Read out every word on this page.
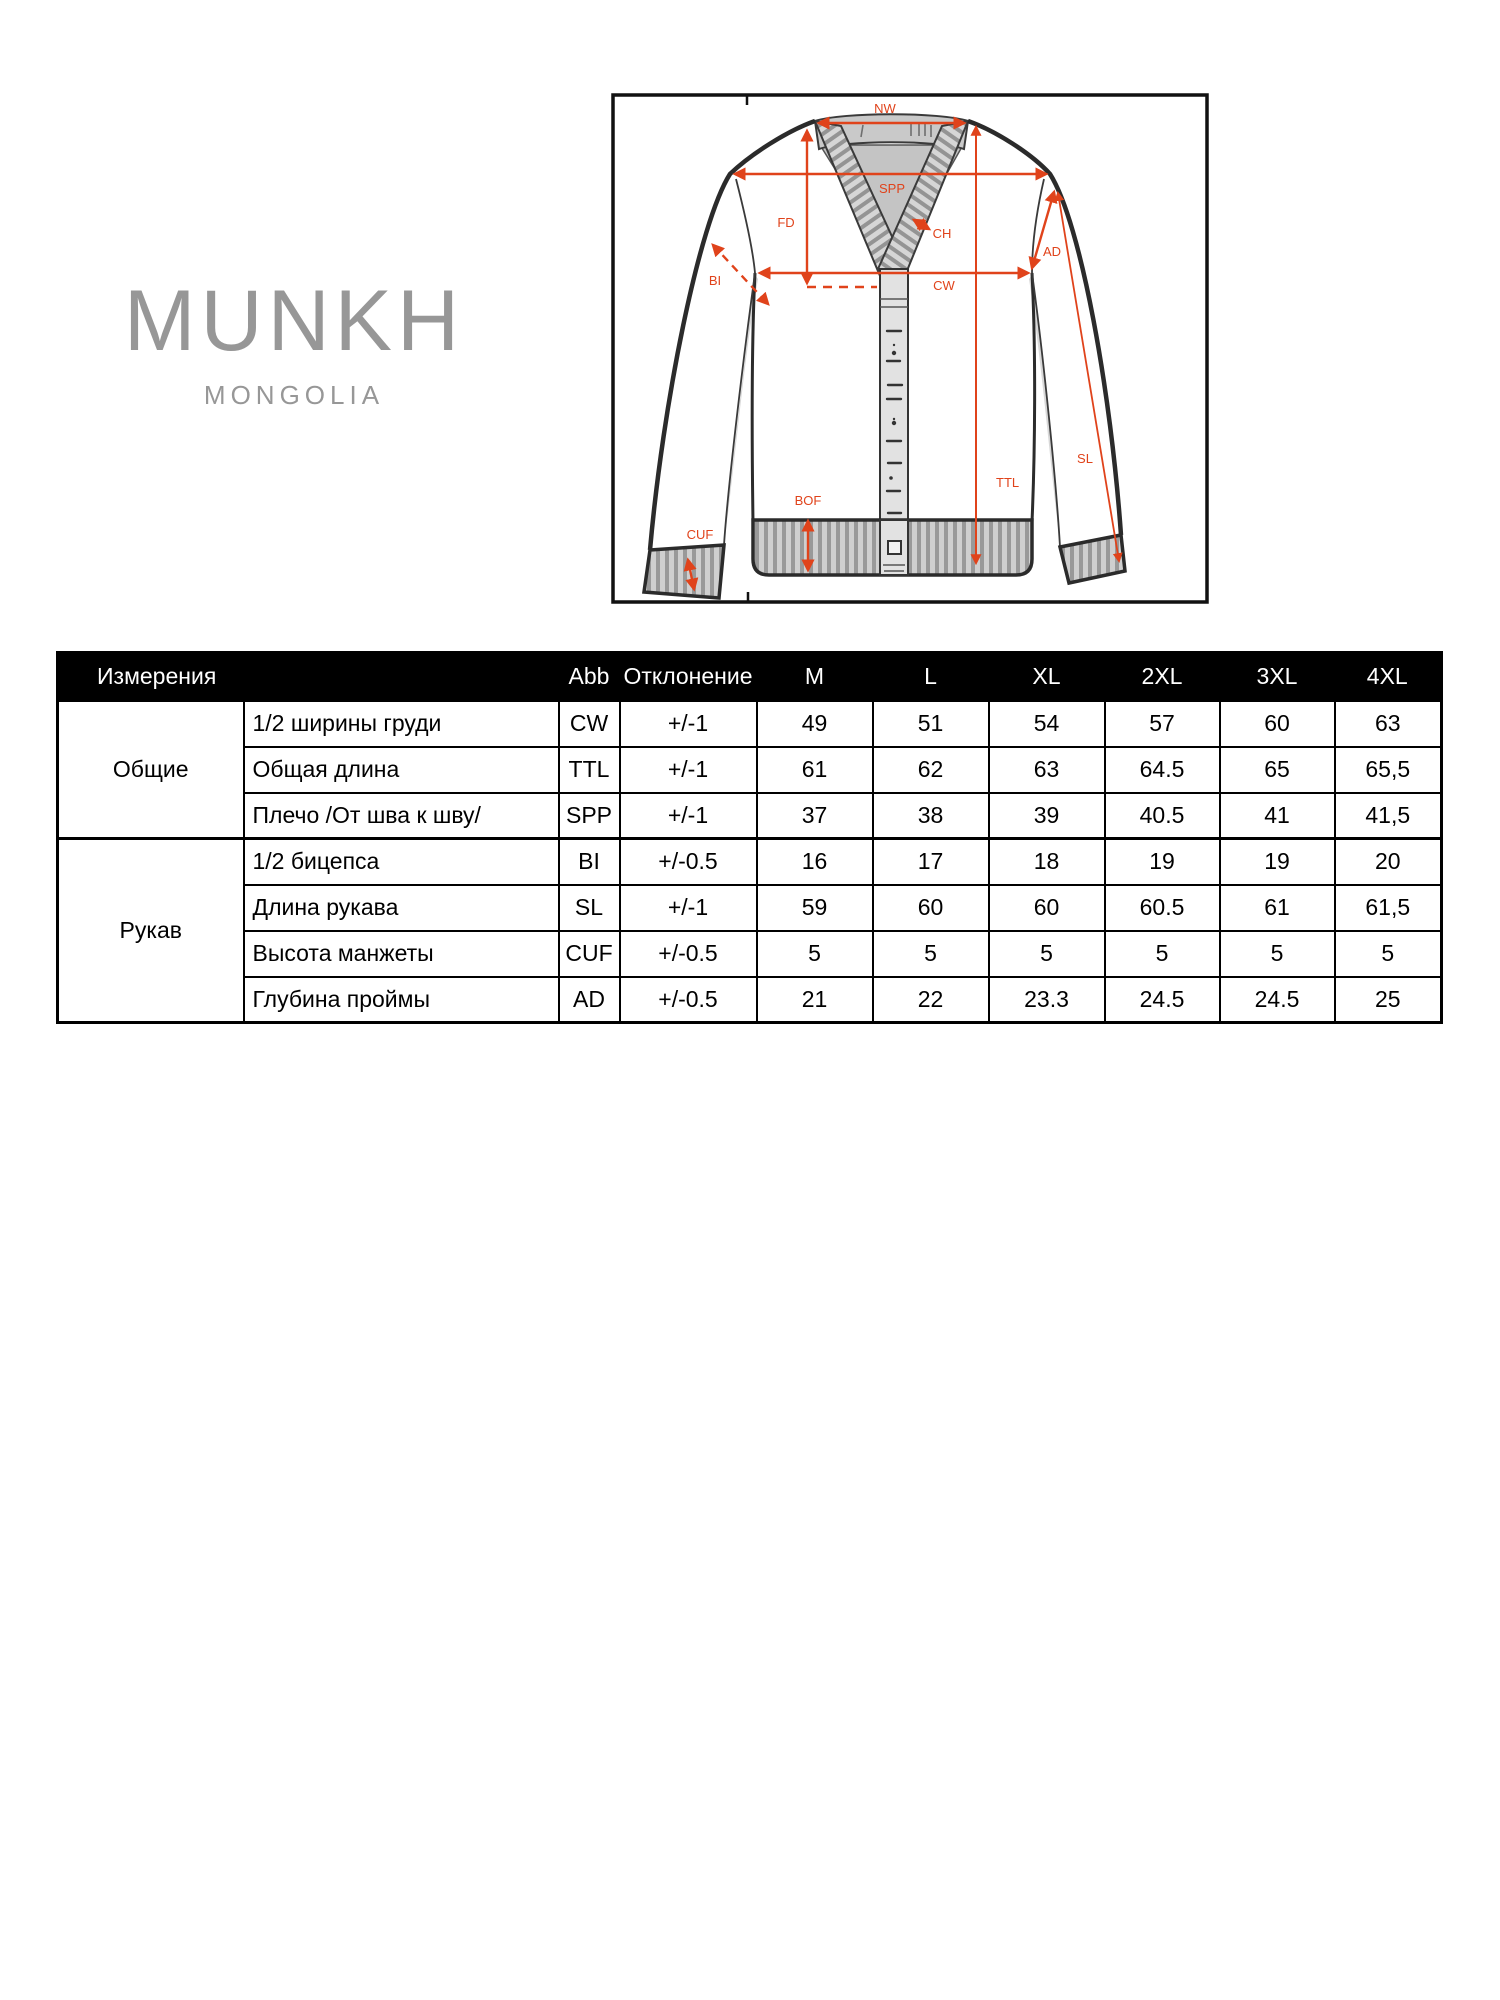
MUNKH
MONGOLIA
NW
SPP
FD
CH
CW
BI
AD
SL
TTL
BOF
CUF
Измерения		Abb	Отклонение	M	L	XL	2XL	3XL	4XL
Общие	1/2 ширины груди	CW	+/-1	49	51	54	57	60	63
	Общая длина	TTL	+/-1	61	62	63	64.5	65	65,5
	Плечо /От шва к шву/	SPP	+/-1	37	38	39	40.5	41	41,5
Рукав	1/2 бицепса	BI	+/-0.5	16	17	18	19	19	20
	Длина рукава	SL	+/-1	59	60	60	60.5	61	61,5
	Высота манжеты	CUF	+/-0.5	5	5	5	5	5	5
	Глубина проймы	AD	+/-0.5	21	22	23.3	24.5	24.5	25
